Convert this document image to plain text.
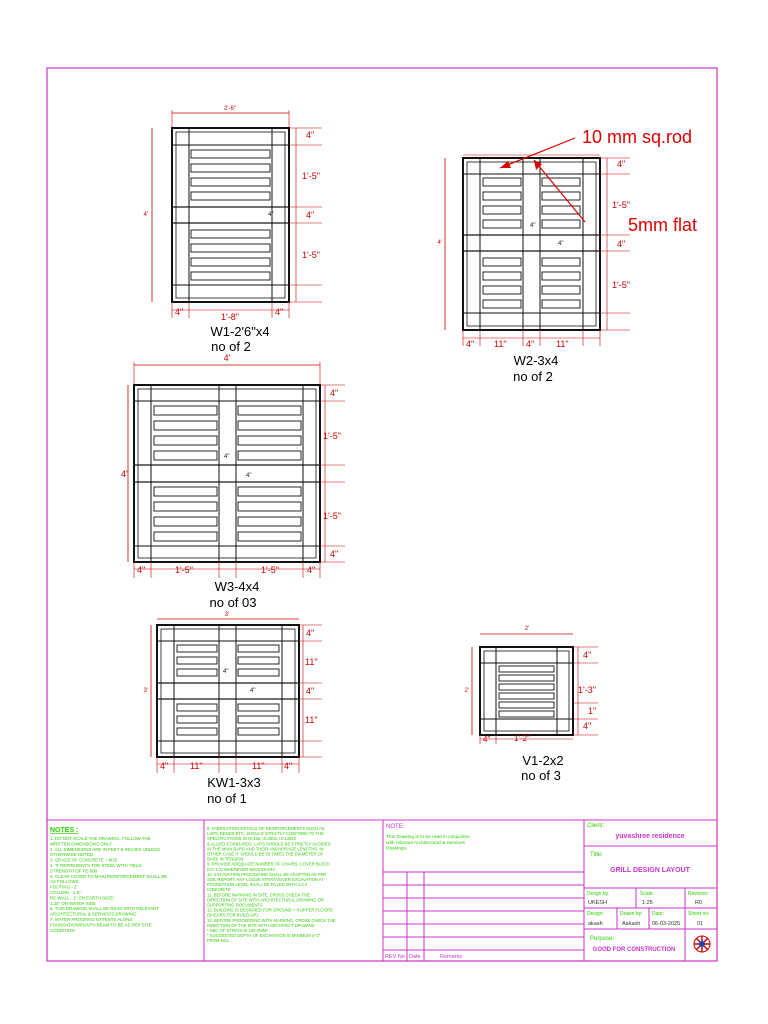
2'-6"
4'	4"
4"
1'-5"
4"
1'-5"
4"	1'-8"	4"
W1-2'6"x4
no of 2
4'
4"
4"
4"
1'-5"
4"
1'-5"
4" 11" 4" 11"
W2-3x4
no of 2
10 mm sq.rod
5mm flat
4'
4'
4"
4"
4"
1'-5"
1'-5"
4"
4"	1'-5"	1'-5"	4"
W3-4x4
no of 03
3'
3'
4"
4"
4"
11"
4"
11"
4" 11"	11" 4"
KW1-3x3
no of 1
2'
2'
4"
1'-3"
1"
4"
4"	1'-2"
V1-2x2
no of 3
NOTES :
1. DO NOT SCALE THE DRAWING, FOLLOW THE
WRITTEN DIMENSIONS ONLY.
2. ALL DIMENSIONS ARE IN FEET & INCHES UNLESS
OTHERWISE NOTED.
3. GRADE OF CONCRETE = M20
4. '#' REPRESENTS TOR STEEL WITH YIELD
STRENGTH OF FE-500
5. CLEAR COVER TO MAIN REINFORCEMENT SHALL BE
AS FOLLOWS
FOOTING - 2"
COLUMN - 1.5"
RC WALL - 1" ON EARTH SIDE/
1.25" ON WATER SIDE
6. THIS DRAWING SHALL BE READ WITH RELEVANT
ARCHITECTURAL & SERVICES DRAWING
7. WATER PROOFING EXTENTS ALONG
FOUNDATION/PLINTH BEAM TO BE AS PER SITE
CONDITION
8. FABRICATION DETAILS OF REINFORCEMENTS SUCH AS
LAPS, BENDS ETC. SHOULD STRICTLY CONFORM TO THE
SPECIFICATIONS IN IS:456, IS:2502, IS:13920
& ALLIED STANDARDS. LAPS SHOULD BE STRICTLY AVOIDED
IN THE MAIN BARS AND THEIR ANCHORAGE LENGTHS. IN
OTHER CASE IT SHOULD BE 50 TIMES THE DIAMETER OF
BARS IN TENSION.
9. PROVIDE ADEQUATE NUMBER OF CHAIRS, COVER BLOCK
(CC 1:2) WHEREVER NECESSARY.
10. EXCAVATION PROCEDURE SHALL BE ADOPTED AS PER
SOIL REPORT. ANY LOOSE STRATA/OVER EXCAVATION AT
FOUNDATION LEVEL SHALL BE FILLED WITH 1:2:4
CONCRETE
11. BEFORE MARKING IN SITE, CROSS CHECK THE
DIRECTION OF SITE WITH ARCHITECTURAL DRAWING OR
SUPPORTING DOCUMENTS
12. BUILDING IS DESIGNED FOR GROUND + 4 UPPER FLOORS
(SHEARS FOR BUILD-UP)
13. BEFORE PROCEEDING WITH MARKING, CROSS CHECK THE
DIRECTION OF THE SITE WITH ARCHITECT DRAWING
* SBC OF STRATA IS 100 kN/M²
* SUGGESTED DEPTH OF EXCAVATION IS MINIMUM 4'-0"
FROM NGL
NOTE:
This Drawing is to be read in conjuction
with relevant Architectural & Services
Drawings.
REV No Date	Remarks
Client:
yuvashree residence
Title:
GRILL DESIGN LAYOUT
Desgn by:
UKESH
Scale:
1:25
Revision:
R0
Design:
akash
Drawn by:
Aakash
Date:
06-03-2025
Sheet no:
01
Purpose:
GOOD FOR CONSTRUCTION
